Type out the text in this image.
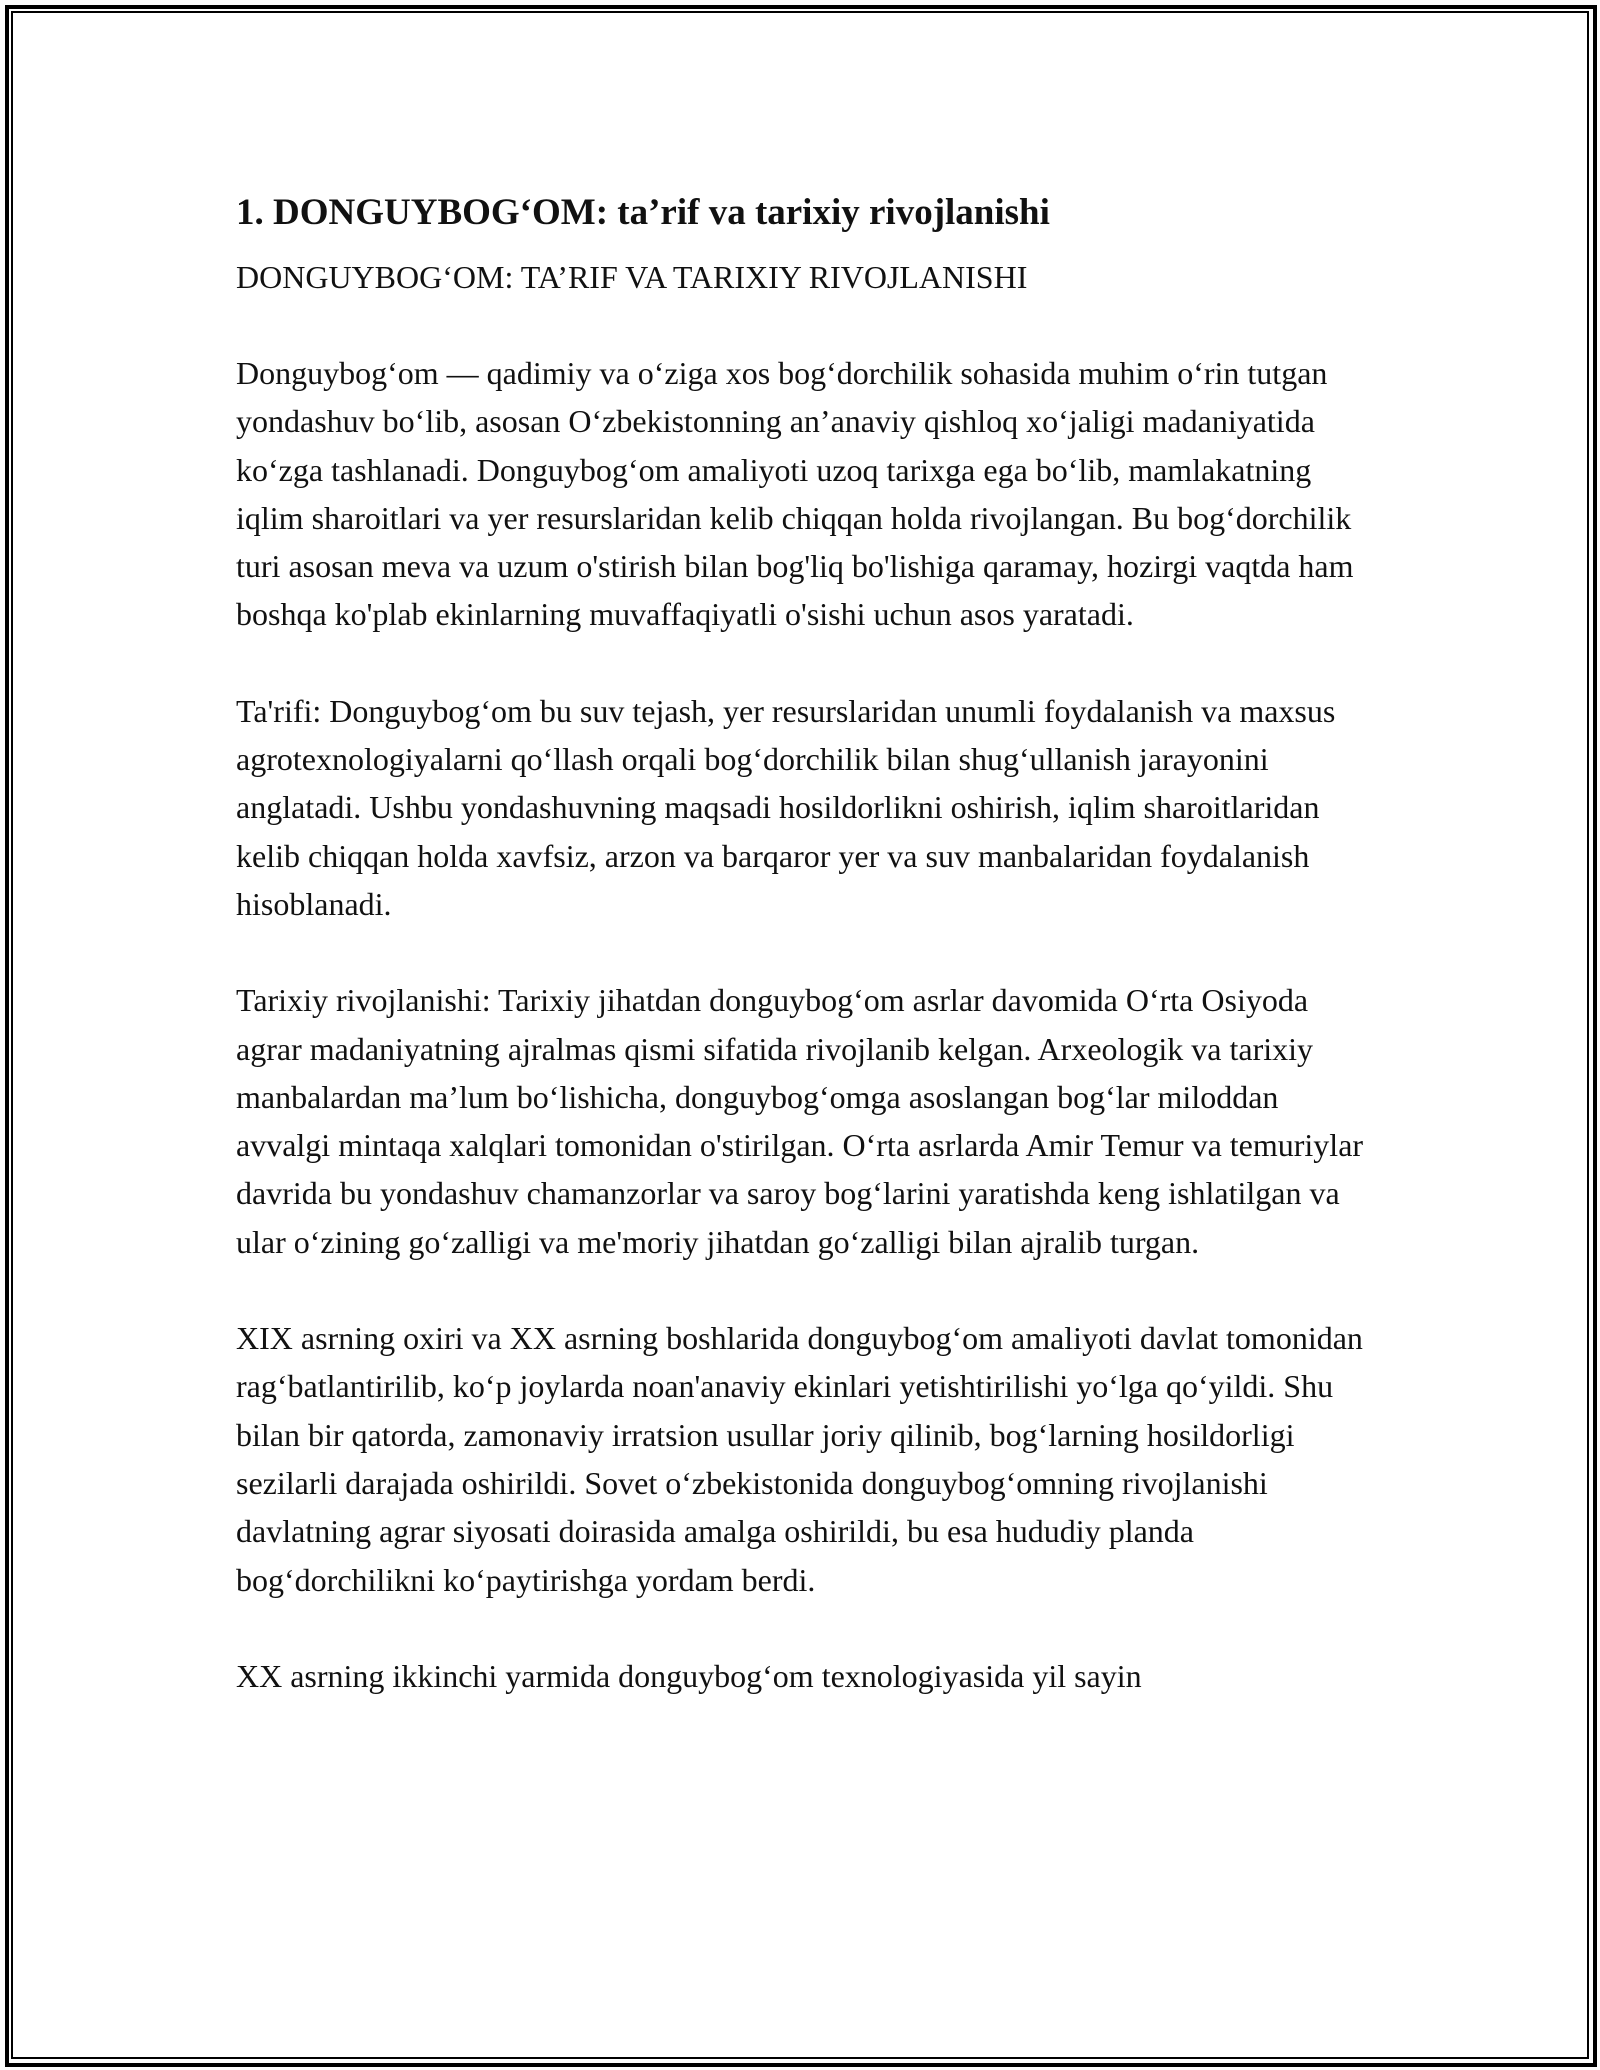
1. DONGUYBOG‘OM: ta’rif va tarixiy rivojlanishi

DONGUYBOG‘OM: TA’RIF VA TARIXIY RIVOJLANISHI

Donguybog‘om — qadimiy va o‘ziga xos bog‘dorchilik sohasida muhim o‘rin tutgan yondashuv bo‘lib, asosan O‘zbekistonning an’anaviy qishloq xo‘jaligi madaniyatida ko‘zga tashlanadi. Donguybog‘om amaliyoti uzoq tarixga ega bo‘lib, mamlakatning iqlim sharoitlari va yer resurslaridan kelib chiqqan holda rivojlangan. Bu bog‘dorchilik turi asosan meva va uzum o'stirish bilan bog'liq bo'lishiga qaramay, hozirgi vaqtda ham boshqa ko'plab ekinlarning muvaffaqiyatli o'sishi uchun asos yaratadi.

Ta'rifi: Donguybog‘om bu suv tejash, yer resurslaridan unumli foydalanish va maxsus agrotexnologiyalarni qo‘llash orqali bog‘dorchilik bilan shug‘ullanish jarayonini anglatadi. Ushbu yondashuvning maqsadi hosildorlikni oshirish, iqlim sharoitlaridan kelib chiqqan holda xavfsiz, arzon va barqaror yer va suv manbalaridan foydalanish hisoblanadi.

Tarixiy rivojlanishi: Tarixiy jihatdan donguybog‘om asrlar davomida O‘rta Osiyoda agrar madaniyatning ajralmas qismi sifatida rivojlanib kelgan. Arxeologik va tarixiy manbalardan ma’lum bo‘lishicha, donguybog‘omga asoslangan bog‘lar miloddan avvalgi mintaqa xalqlari tomonidan o'stirilgan. O‘rta asrlarda Amir Temur va temuriylar davrida bu yondashuv chamanzorlar va saroy bog‘larini yaratishda keng ishlatilgan va ular o‘zining go‘zalligi va me'moriy jihatdan go‘zalligi bilan ajralib turgan.

XIX asrning oxiri va XX asrning boshlarida donguybog‘om amaliyoti davlat tomonidan rag‘batlantirilib, ko‘p joylarda noan'anaviy ekinlari yetishtirilishi yo‘lga qo‘yildi. Shu bilan bir qatorda, zamonaviy irratsion usullar joriy qilinib, bog‘larning hosildorligi sezilarli darajada oshirildi. Sovet o‘zbekistonida donguybog‘omning rivojlanishi davlatning agrar siyosati doirasida amalga oshirildi, bu esa hududiy planda bog‘dorchilikni ko‘paytirishga yordam berdi.

XX asrning ikkinchi yarmida donguybog‘om texnologiyasida yil sayin
